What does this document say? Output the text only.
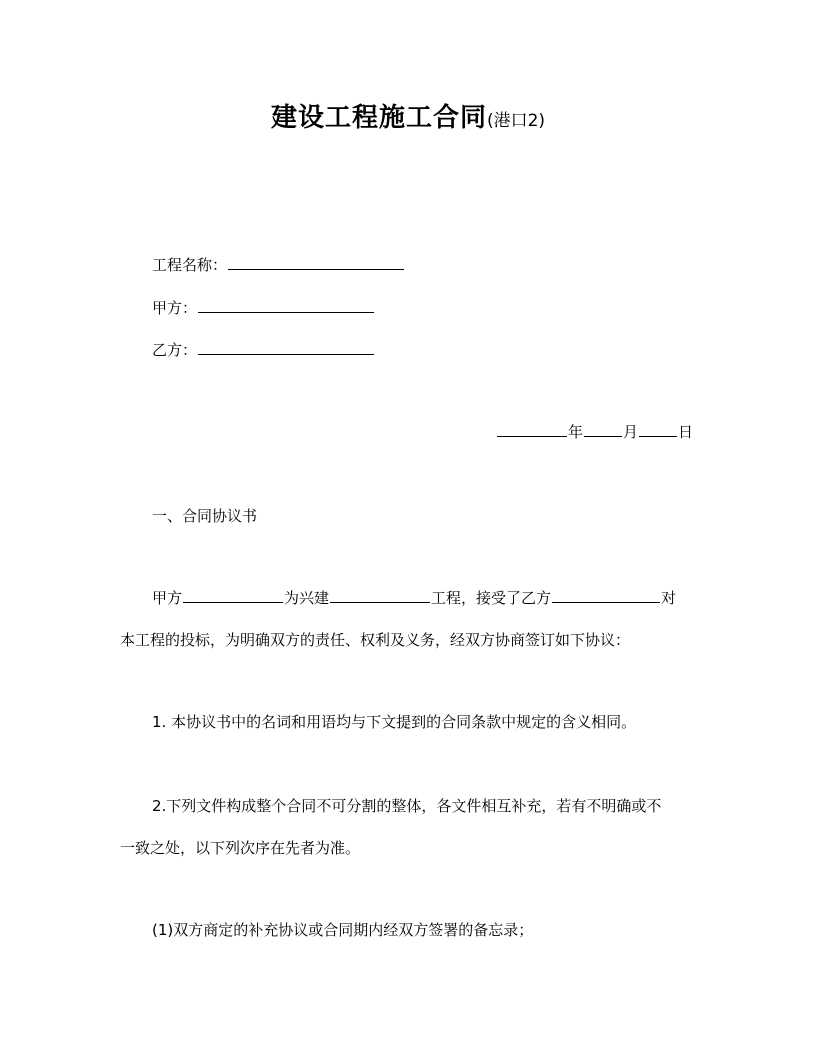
建设工程施工合同(港口2)
工程名称：
甲方：
乙方：
年	月	日
一、合同协议书
甲方	为兴建	工程，接受了乙方	对
本工程的投标，为明确双方的责任、权利及义务，经双方协商签订如下协议：
1. 本协议书中的名词和用语均与下文提到的合同条款中规定的含义相同。
2.下列文件构成整个合同不可分割的整体，各文件相互补充，若有不明确或不
一致之处，以下列次序在先者为准。
(1)双方商定的补充协议或合同期内经双方签署的备忘录；
